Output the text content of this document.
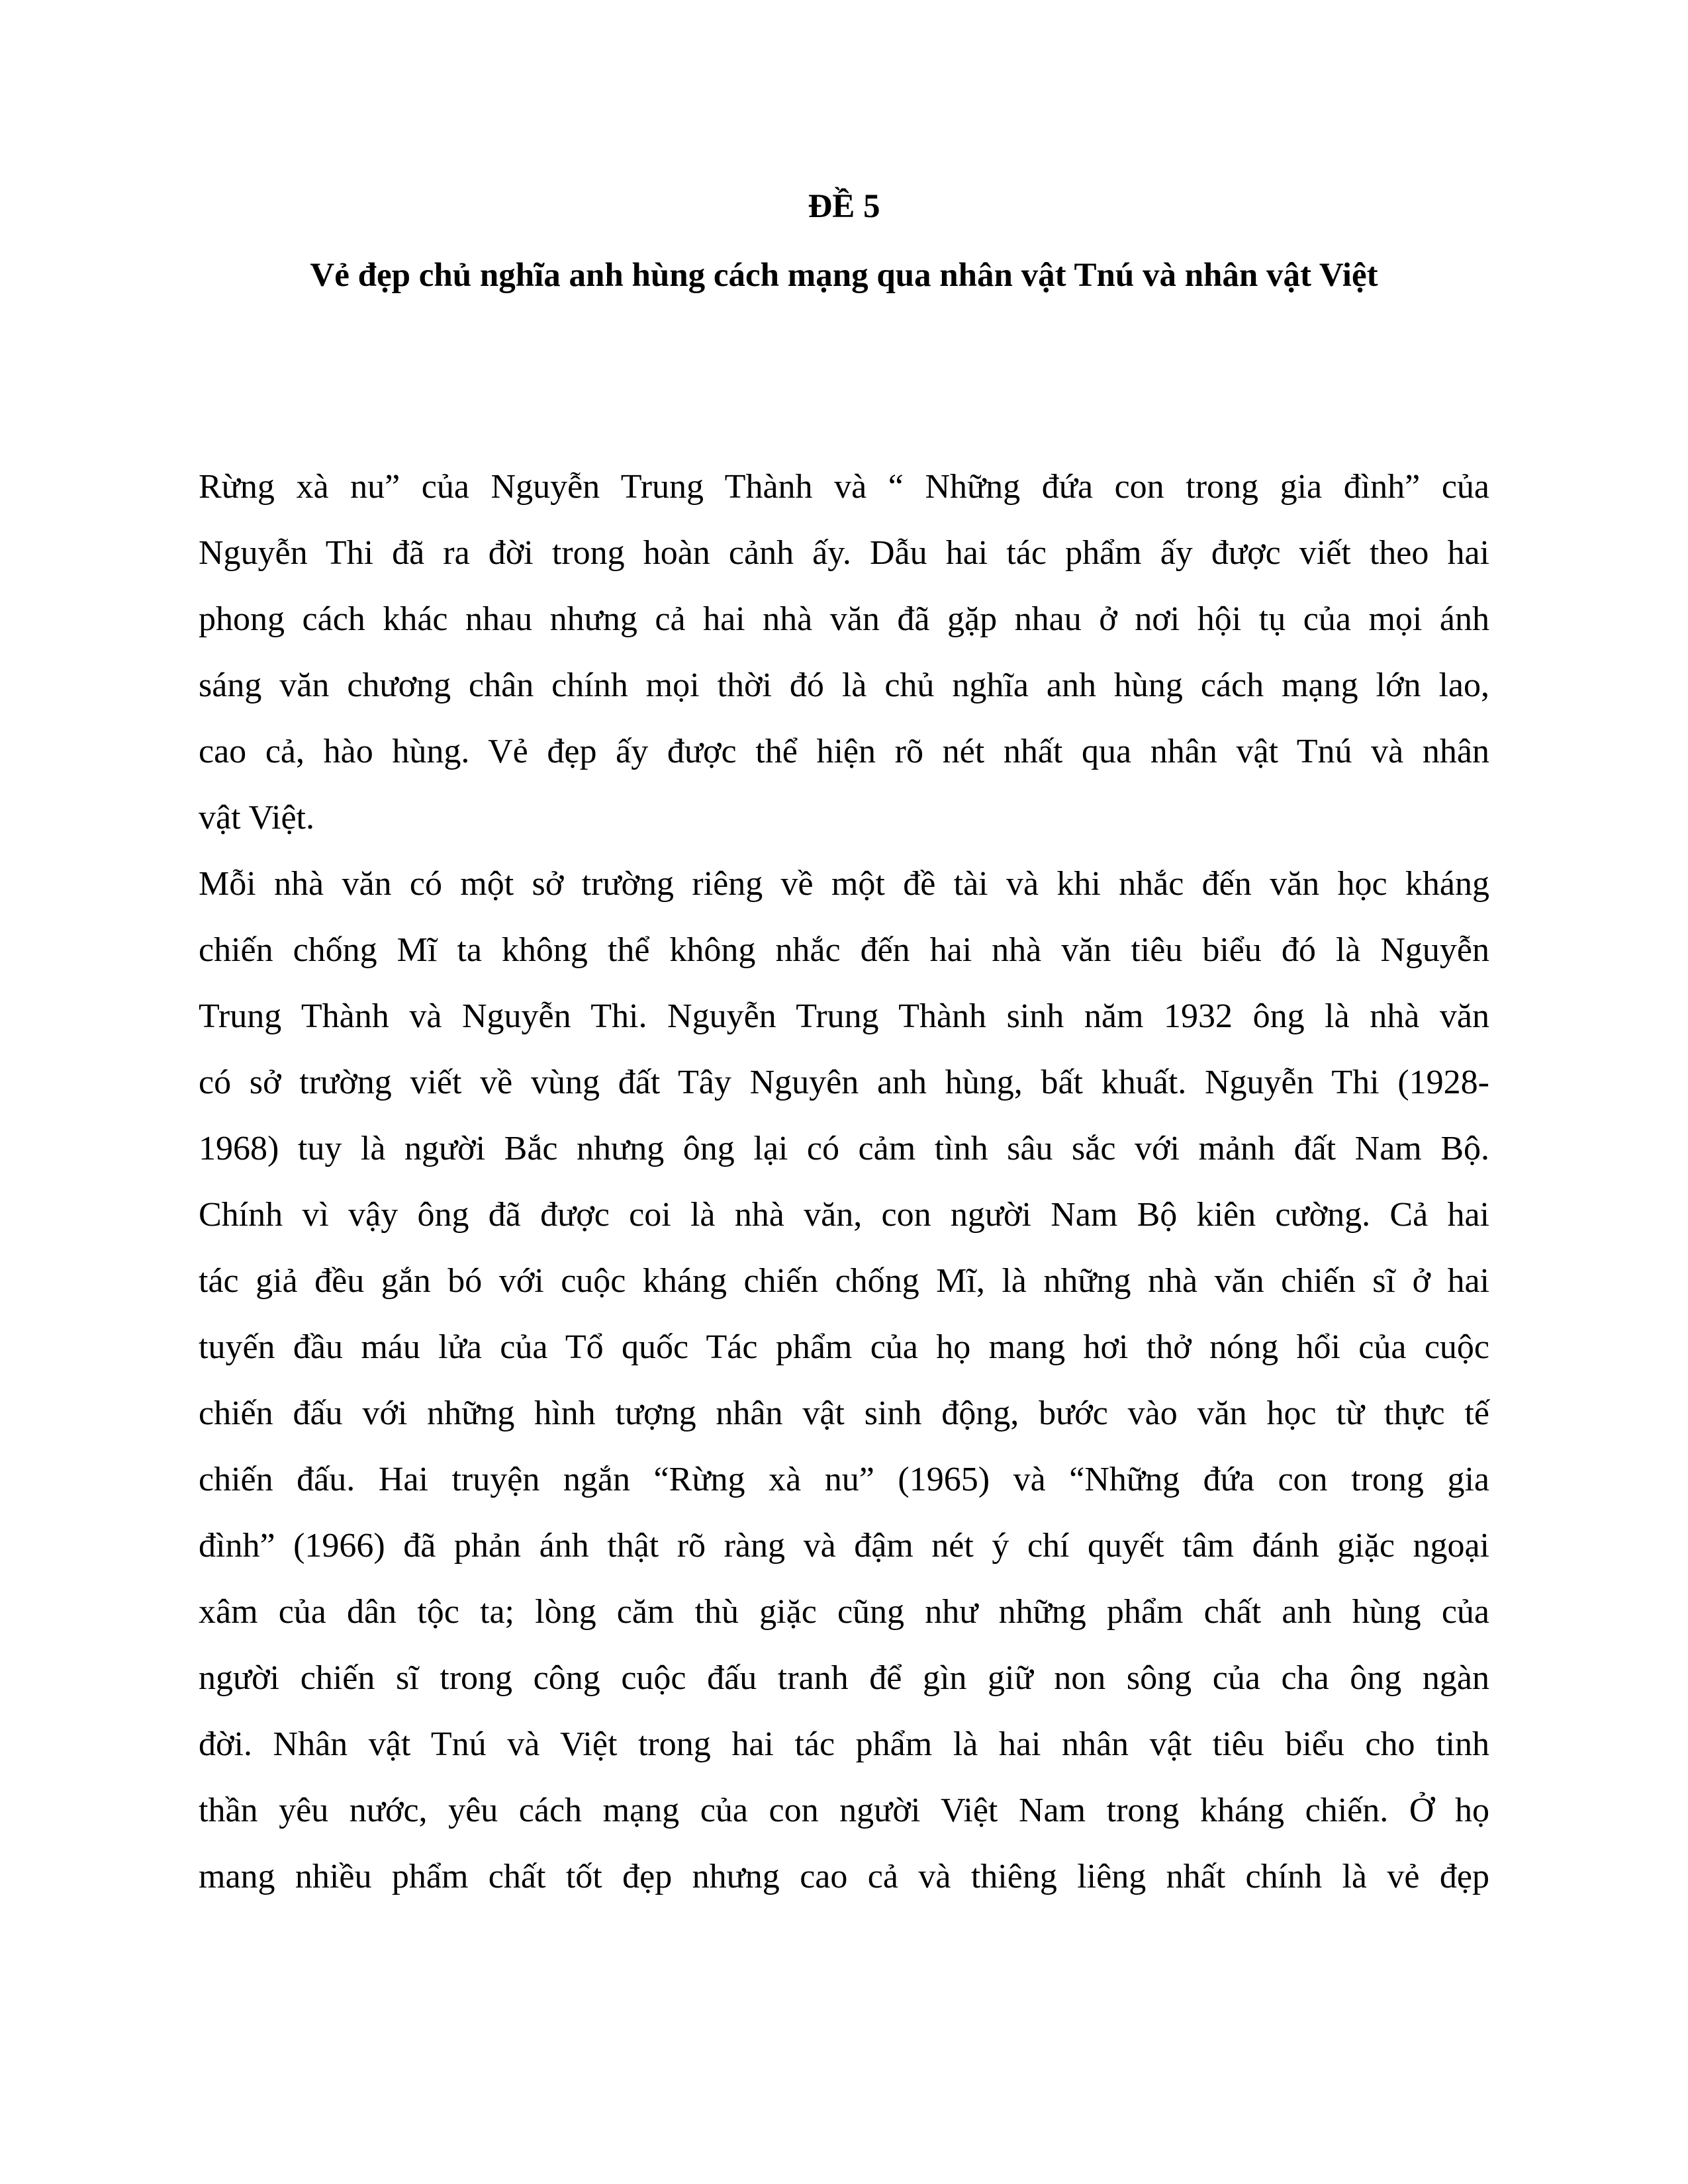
ĐỀ 5
Vẻ đẹp chủ nghĩa anh hùng cách mạng qua nhân vật Tnú và nhân vật Việt
Rừng xà nu” của Nguyễn Trung Thành và “ Những đứa con trong gia đình” của
Nguyễn Thi đã ra đời trong hoàn cảnh ấy. Dẫu hai tác phẩm ấy được viết theo hai
phong cách khác nhau nhưng cả hai nhà văn đã gặp nhau ở nơi hội tụ của mọi ánh
sáng văn chương chân chính mọi thời đó là chủ nghĩa anh hùng cách mạng lớn lao,
cao cả, hào hùng. Vẻ đẹp ấy được thể hiện rõ nét nhất qua nhân vật Tnú và nhân
vật Việt.
Mỗi nhà văn có một sở trường riêng về một đề tài và khi nhắc đến văn học kháng
chiến chống Mĩ ta không thể không nhắc đến hai nhà văn tiêu biểu đó là Nguyễn
Trung Thành và Nguyễn Thi. Nguyễn Trung Thành sinh năm 1932 ông là nhà văn
có sở trường viết về vùng đất Tây Nguyên anh hùng, bất khuất. Nguyễn Thi (1928-
1968) tuy là người Bắc nhưng ông lại có cảm tình sâu sắc với mảnh đất Nam Bộ.
Chính vì vậy ông đã được coi là nhà văn, con người Nam Bộ kiên cường. Cả hai
tác giả đều gắn bó với cuộc kháng chiến chống Mĩ, là những nhà văn chiến sĩ ở hai
tuyến đầu máu lửa của Tổ quốc Tác phẩm của họ mang hơi thở nóng hổi của cuộc
chiến đấu với những hình tượng nhân vật sinh động, bước vào văn học từ thực tế
chiến đấu. Hai truyện ngắn “Rừng xà nu” (1965) và “Những đứa con trong gia
đình” (1966) đã phản ánh thật rõ ràng và đậm nét ý chí quyết tâm đánh giặc ngoại
xâm của dân tộc ta; lòng căm thù giặc cũng như những phẩm chất anh hùng của
người chiến sĩ trong công cuộc đấu tranh để gìn giữ non sông của cha ông ngàn
đời. Nhân vật Tnú và Việt trong hai tác phẩm là hai nhân vật tiêu biểu cho tinh
thần yêu nước, yêu cách mạng của con người Việt Nam trong kháng chiến. Ở họ
mang nhiều phẩm chất tốt đẹp nhưng cao cả và thiêng liêng nhất chính là vẻ đẹp
